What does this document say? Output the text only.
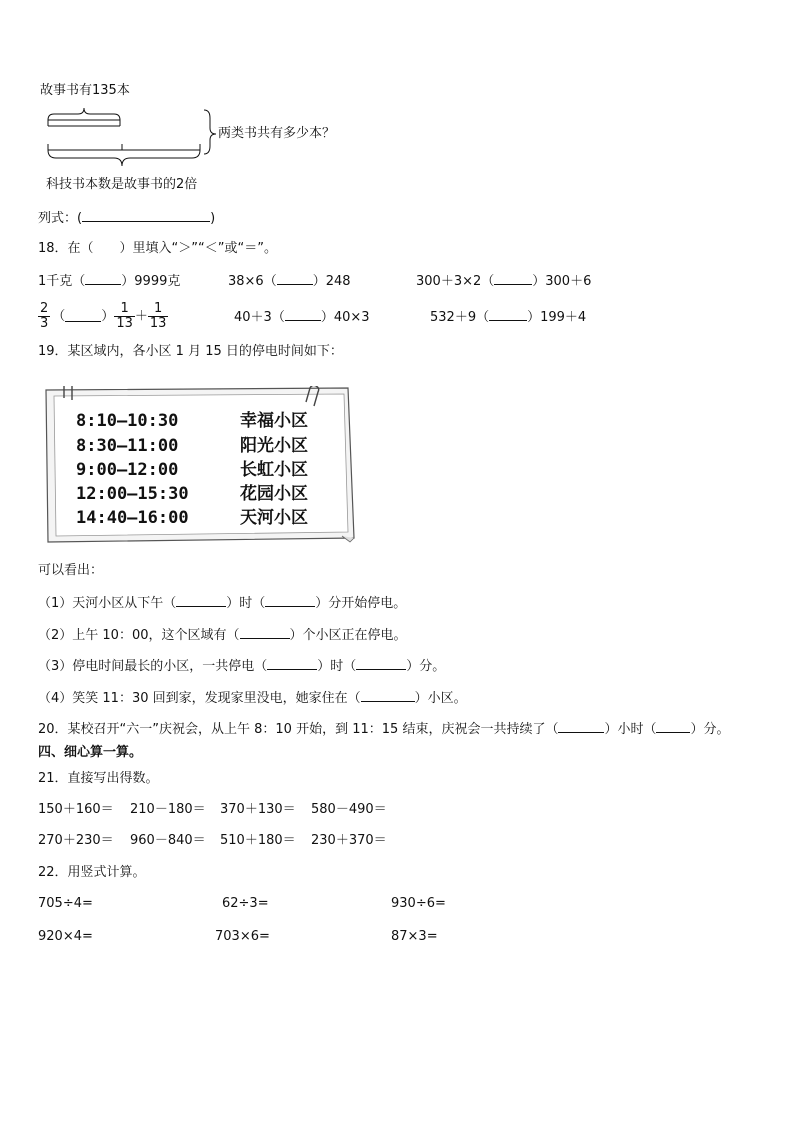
故事书有135本
两类书共有多少本？
科技书本数是故事书的2倍
列式：(	)
18．在（　　）里填入“＞”“＜”或“＝”。
1千克（	）9999克	38×6（	）248	300＋3×2（	）300＋6
$\frac{2}{3}$ （	） $\frac{1}{13} + \frac{1}{13}$	40＋3（	）40×3	532＋9（	）199＋4
19．某区域内，各小区 1 月 15 日的停电时间如下：
8:10—10:30	幸福小区
8:30—11:00	阳光小区
9:00—12:00	长虹小区
12:00—15:30	花园小区
14:40—16:00	天河小区
可以看出：
（1）天河小区从下午（	）时（	）分开始停电。
（2）上午 10：00，这个区域有（	）个小区正在停电。
（3）停电时间最长的小区，一共停电（	）时（	）分。
（4）笑笑 11：30 回到家，发现家里没电，她家住在（	）小区。
20．某校召开“六一”庆祝会，从上午 8：10 开始，到 11：15 结束，庆祝会一共持续了（	）小时（	）分。
四、细心算一算。
21．直接写出得数。
150＋160＝ 210－180＝ 370＋130＝ 580－490＝
270＋230＝ 960－840＝ 510＋180＝ 230＋370＝
22．用竖式计算。
705÷4=	62÷3=	930÷6=
920×4=	703×6=	87×3=
